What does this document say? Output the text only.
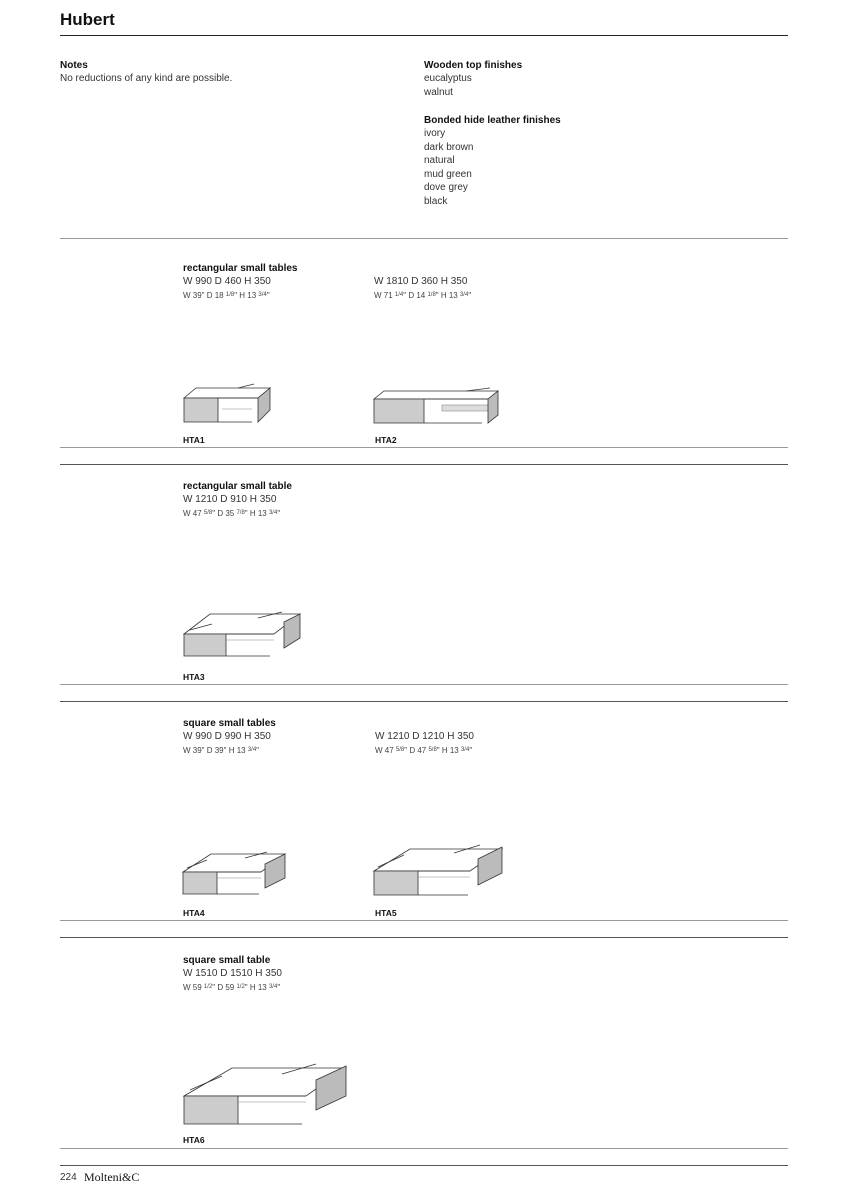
Hubert
Notes
No reductions of any kind are possible.
Wooden top finishes
eucalyptus
walnut
Bonded hide leather finishes
ivory
dark brown
natural
mud green
dove grey
black
rectangular small tables
W 990 D 460 H 350
W 39" D 18 $^{1/8}$" H 13 $^{3/4}$"
W 1810 D 360 H 350
W 71 $^{1/4}$" D 14 $^{1/8}$" H 13 $^{3/4}$"
HTA1	HTA2
rectangular small table
W 1210 D 910 H 350
W 47 $^{5/8}$" D 35 $^{7/8}$" H 13 $^{3/4}$"
HTA3
square small tables
W 990 D 990 H 350
W 39" D 39" H 13 $^{3/4}$"
W 1210 D 1210 H 350
W 47 $^{5/8}$" D 47 $^{5/8}$" H 13 $^{3/4}$"
HTA4	HTA5
square small table
W 1510 D 1510 H 350
W 59 $^{1/2}$" D 59 $^{1/2}$" H 13 $^{3/4}$"
HTA6
224 Molteni&C
